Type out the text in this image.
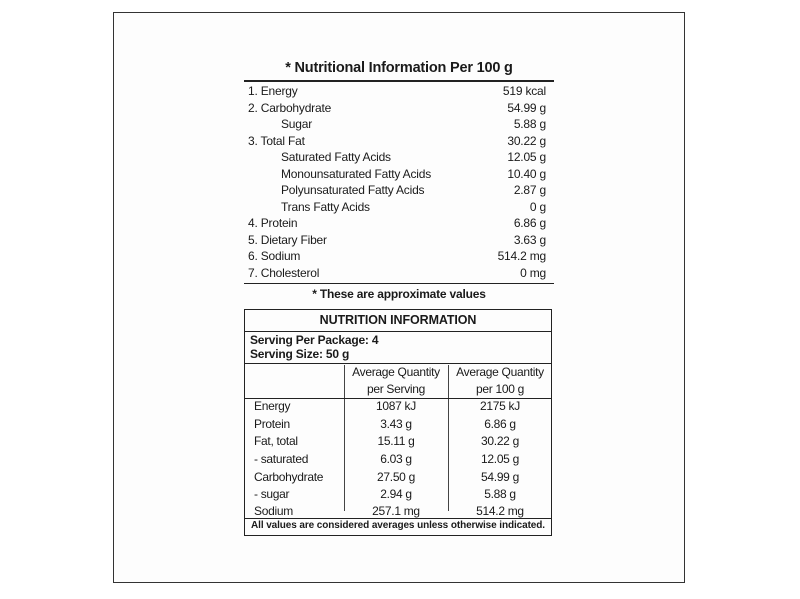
* Nutritional Information Per 100 g
1. Energy	519 kcal
2. Carbohydrate	54.99 g
Sugar	5.88 g
3. Total Fat	30.22 g
Saturated Fatty Acids	12.05 g
Monounsaturated Fatty Acids	10.40 g
Polyunsaturated Fatty Acids	2.87 g
Trans Fatty Acids	0 g
4. Protein	6.86 g
5. Dietary Fiber	3.63 g
6. Sodium	514.2 mg
7. Cholesterol	0 mg
* These are approximate values
NUTRITION INFORMATION
Serving Per Package: 4
Serving Size: 50 g
Average Quantity
per Serving
Average Quantity
per 100 g
Energy	1087 kJ	2175 kJ
Protein	3.43 g	6.86 g
Fat, total	15.11 g	30.22 g
- saturated	6.03 g	12.05 g
Carbohydrate	27.50 g	54.99 g
- sugar	2.94 g	5.88 g
Sodium	257.1 mg	514.2 mg
All values are considered averages unless otherwise indicated.
